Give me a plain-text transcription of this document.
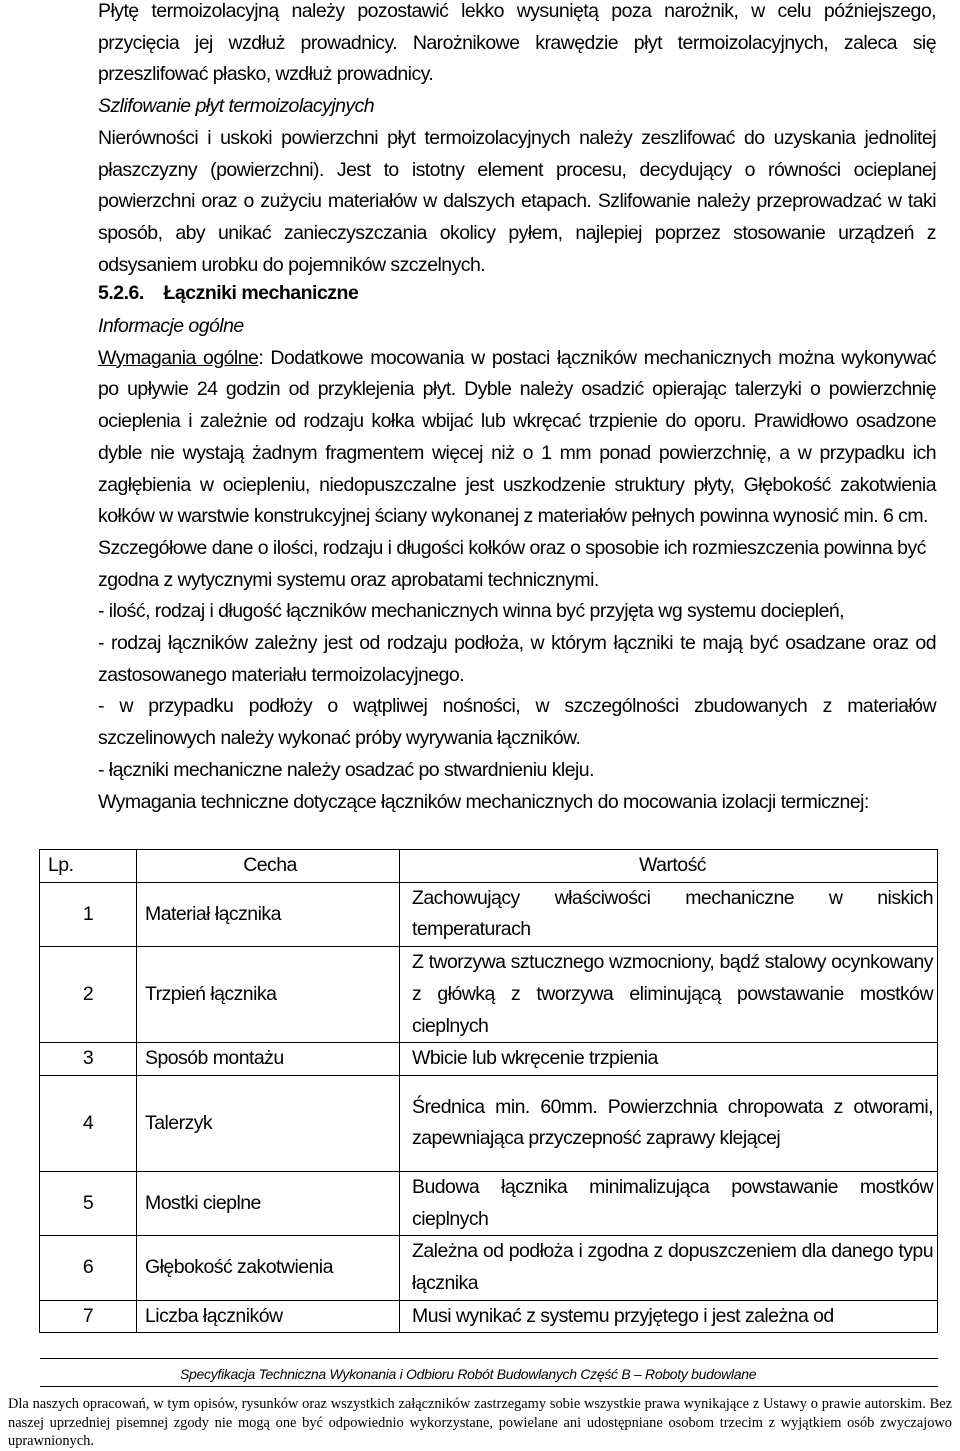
Płytę termoizolacyjną należy pozostawić lekko wysuniętą poza narożnik, w celu późniejszego, przycięcia jej wzdłuż prowadnicy. Narożnikowe krawędzie płyt termoizolacyjnych, zaleca się przeszlifować płasko, wzdłuż prowadnicy.

Szlifowanie płyt termoizolacyjnych

Nierówności i uskoki powierzchni płyt termoizolacyjnych należy zeszlifować do uzyskania jednolitej płaszczyzny (powierzchni). Jest to istotny element procesu, decydujący o równości ocieplanej powierzchni oraz o zużyciu materiałów w dalszych etapach. Szlifowanie należy przeprowadzać w taki sposób, aby unikać zanieczyszczania okolicy pyłem, najlepiej poprzez stosowanie urządzeń z odsysaniem urobku do pojemników szczelnych.

5.2.6. Łączniki mechaniczne

Informacje ogólne

Wymagania ogólne: Dodatkowe mocowania w postaci łączników mechanicznych można wykonywać po upływie 24 godzin od przyklejenia płyt. Dyble należy osadzić opierając talerzyki o powierzchnię ocieplenia i zależnie od rodzaju kołka wbijać lub wkręcać trzpienie do oporu. Prawidłowo osadzone dyble nie wystają żadnym fragmentem więcej niż o 1 mm ponad powierzchnię, a w przypadku ich zagłębienia w ociepleniu, niedopuszczalne jest uszkodzenie struktury płyty, Głębokość zakotwienia kołków w warstwie konstrukcyjnej ściany wykonanej z materiałów pełnych powinna wynosić min. 6 cm.

Szczegółowe dane o ilości, rodzaju i długości kołków oraz o sposobie ich rozmieszczenia powinna być zgodna z wytycznymi systemu oraz aprobatami technicznymi.

- ilość, rodzaj i długość łączników mechanicznych winna być przyjęta wg systemu dociepleń,

- rodzaj łączników zależny jest od rodzaju podłoża, w którym łączniki te mają być osadzane oraz od zastosowanego materiału termoizolacyjnego.

- w przypadku podłoży o wątpliwej nośności, w szczególności zbudowanych z materiałów szczelinowych należy wykonać próby wyrywania łączników.

- łączniki mechaniczne należy osadzać po stwardnieniu kleju.

Wymagania techniczne dotyczące łączników mechanicznych do mocowania izolacji termicznej:

Lp.	Cecha	Wartość
1	Materiał łącznika	Zachowujący właściwości mechaniczne w niskich temperaturach
2	Trzpień łącznika	Z tworzywa sztucznego wzmocniony, bądź stalowy ocynkowany z główką z tworzywa eliminującą powstawanie mostków cieplnych
3	Sposób montażu	Wbicie lub wkręcenie trzpienia
4	Talerzyk	Średnica min. 60mm. Powierzchnia chropowata z otworami, zapewniająca przyczepność zaprawy klejącej
5	Mostki cieplne	Budowa łącznika minimalizująca powstawanie mostków cieplnych
6	Głębokość zakotwienia	Zależna od podłoża i zgodna z dopuszczeniem dla danego typu łącznika
7	Liczba łączników	Musi wynikać z systemu przyjętego i jest zależna od
Specyfikacja Techniczna Wykonania i Odbioru Robót Budowlanych Część B – Roboty budowlane
Dla naszych opracowań, w tym opisów, rysunków oraz wszystkich załączników zastrzegamy sobie wszystkie prawa wynikające z Ustawy o prawie autorskim. Bez naszej uprzedniej pisemnej zgody nie mogą one być odpowiednio wykorzystane, powielane ani udostępniane osobom trzecim z wyjątkiem osób zwyczajowo uprawnionych.
